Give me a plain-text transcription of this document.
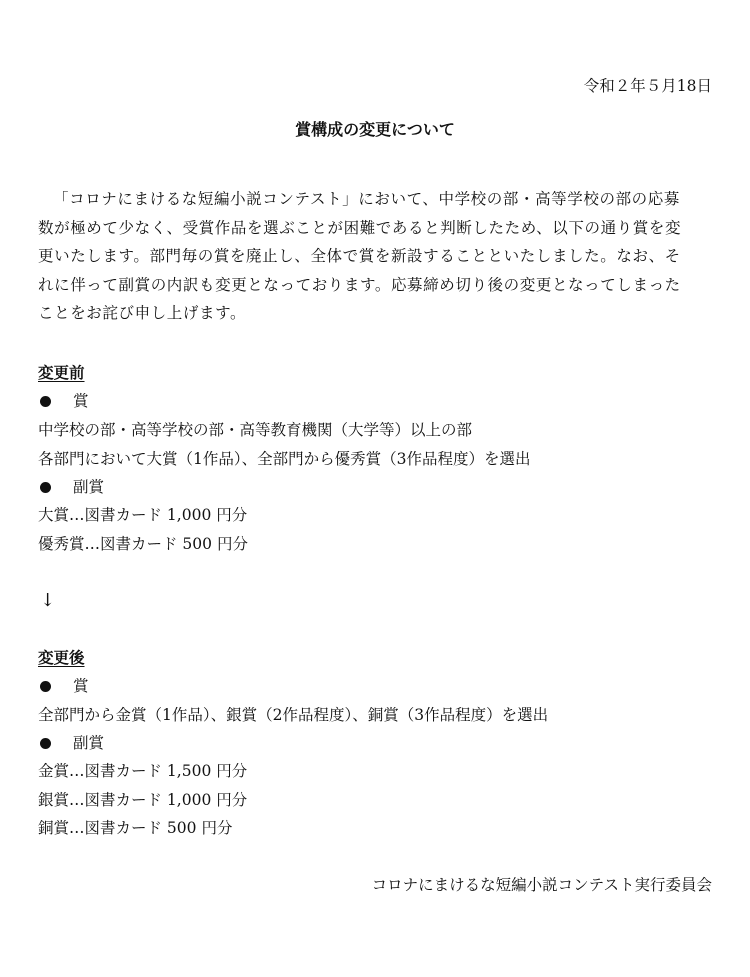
令和２年５月18日
賞構成の変更について
「コロナにまけるな短編小説コンテスト」において、中学校の部・高等学校の部の応募
数が極めて少なく、受賞作品を選ぶことが困難であると判断したため、以下の通り賞を変
更いたします。部門毎の賞を廃止し、全体で賞を新設することといたしました。なお、そ
れに伴って副賞の内訳も変更となっております。応募締め切り後の変更となってしまった
ことをお詫び申し上げます。
変更前
賞
中学校の部・高等学校の部・高等教育機関（大学等）以上の部
各部門において大賞（1作品）、全部門から優秀賞（3作品程度）を選出
副賞
大賞…図書カード 1,000 円分
優秀賞…図書カード 500 円分
↓
変更後
賞
全部門から金賞（1作品）、銀賞（2作品程度）、銅賞（3作品程度）を選出
副賞
金賞…図書カード 1,500 円分
銀賞…図書カード 1,000 円分
銅賞…図書カード 500 円分
コロナにまけるな短編小説コンテスト実行委員会
